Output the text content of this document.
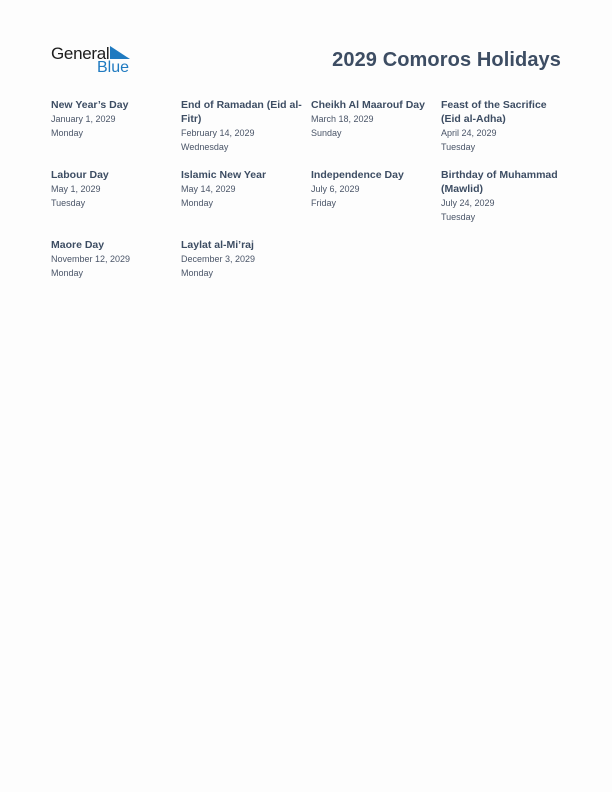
General
Blue	2029 Comoros Holidays
New Year’s Day
January 1, 2029
Monday
End of Ramadan (Eid al-Fitr)
February 14, 2029
Wednesday
Cheikh Al Maarouf Day
March 18, 2029
Sunday
Feast of the Sacrifice (Eid al-Adha)
April 24, 2029
Tuesday
Labour Day
May 1, 2029
Tuesday
Islamic New Year
May 14, 2029
Monday
Independence Day
July 6, 2029
Friday
Birthday of Muhammad (Mawlid)
July 24, 2029
Tuesday
Maore Day
November 12, 2029
Monday
Laylat al-Mi’raj
December 3, 2029
Monday
